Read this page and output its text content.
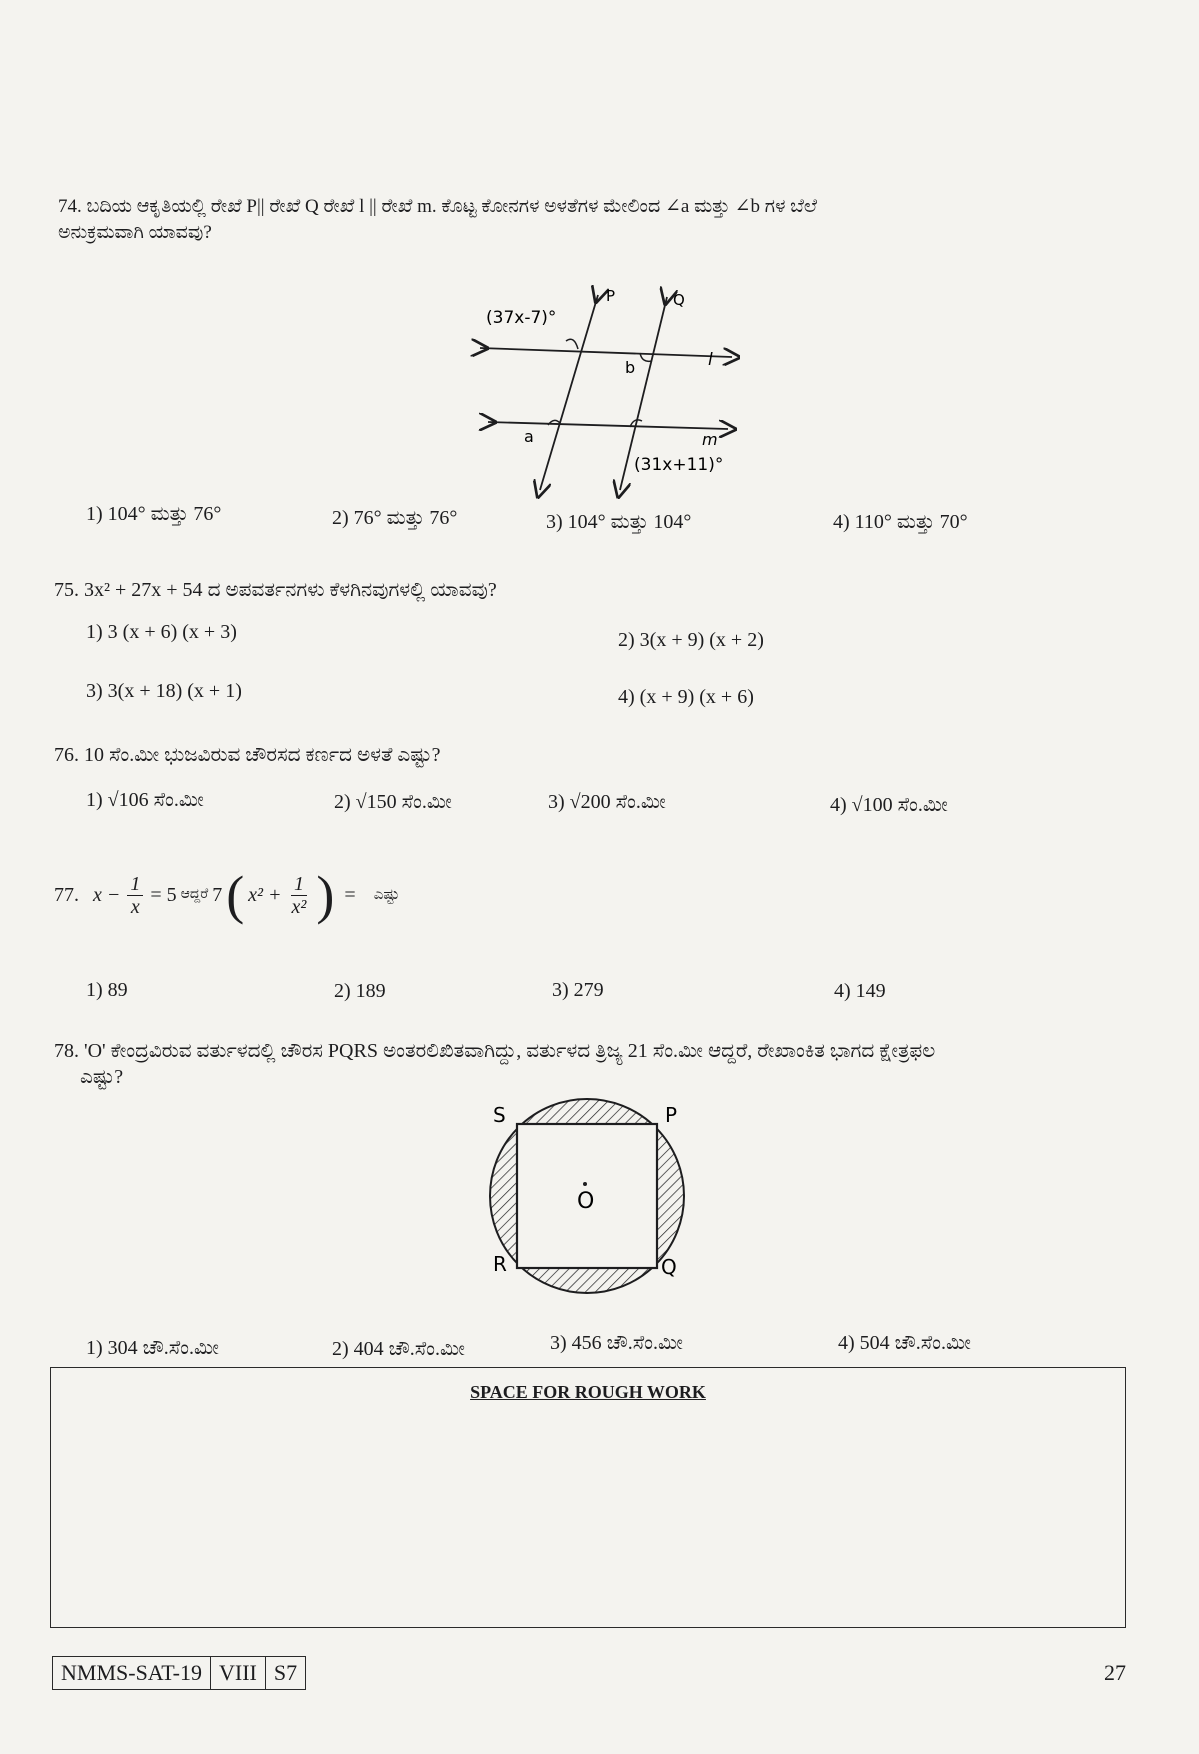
74. ಬದಿಯ ಆಕೃತಿಯಲ್ಲಿ ರೇಖೆ P|| ರೇಖೆ Q ರೇಖೆ l || ರೇಖೆ m. ಕೊಟ್ಟ ಕೋನಗಳ ಅಳತೆಗಳ ಮೇಲಿಂದ ∠a ಮತ್ತು ∠b ಗಳ ಬೆಲೆ
ಅನುಕ್ರಮವಾಗಿ ಯಾವವು?
(37x-7)°
P	Q
l
b
a	m
(31x+11)°
1) 104° ಮತ್ತು 76°	2) 76° ಮತ್ತು 76°	3) 104° ಮತ್ತು 104°	4) 110° ಮತ್ತು 70°
75. 3x² + 27x + 54 ದ ಅಪವರ್ತನಗಳು ಕೆಳಗಿನವುಗಳಲ್ಲಿ ಯಾವವು?
1) 3 (x + 6) (x + 3)	2) 3(x + 9) (x + 2)
3) 3(x + 18) (x + 1)	4) (x + 9) (x + 6)
76. 10 ಸೆಂ.ಮೀ ಭುಜವಿರುವ ಚೌರಸದ ಕರ್ಣದ ಅಳತೆ ಎಷ್ಟು?
1) √106 ಸೆಂ.ಮೀ	2) √150 ಸೆಂ.ಮೀ	3) √200 ಸೆಂ.ಮೀ	4) √100 ಸೆಂ.ಮೀ
77. $x - \frac{1}{x} = 5$ ಆದ್ದರೆ 7 ( $x^2 + \frac{1}{\text{x²}}$ ) = ಎಷ್ಟು
1) 89	2) 189	3) 279	4) 149
78. 'O' ಕೇಂದ್ರವಿರುವ ವರ್ತುಳದಲ್ಲಿ ಚೌರಸ PQRS ಅಂತರಲಿಖಿತವಾಗಿದ್ದು, ವರ್ತುಳದ ತ್ರಿಜ್ಯ 21 ಸೆಂ.ಮೀ ಆದ್ದರೆ, ರೇಖಾಂಕಿತ ಭಾಗದ ಕ್ಷೇತ್ರಫಲ
ಎಷ್ಟು?
S	P
R	Q
O
1) 304 ಚೌ.ಸೆಂ.ಮೀ	2) 404 ಚೌ.ಸೆಂ.ಮೀ	3) 456 ಚೌ.ಸೆಂ.ಮೀ	4) 504 ಚೌ.ಸೆಂ.ಮೀ
SPACE FOR ROUGH WORK
NMMS-SAT-19 VIII S7	27
